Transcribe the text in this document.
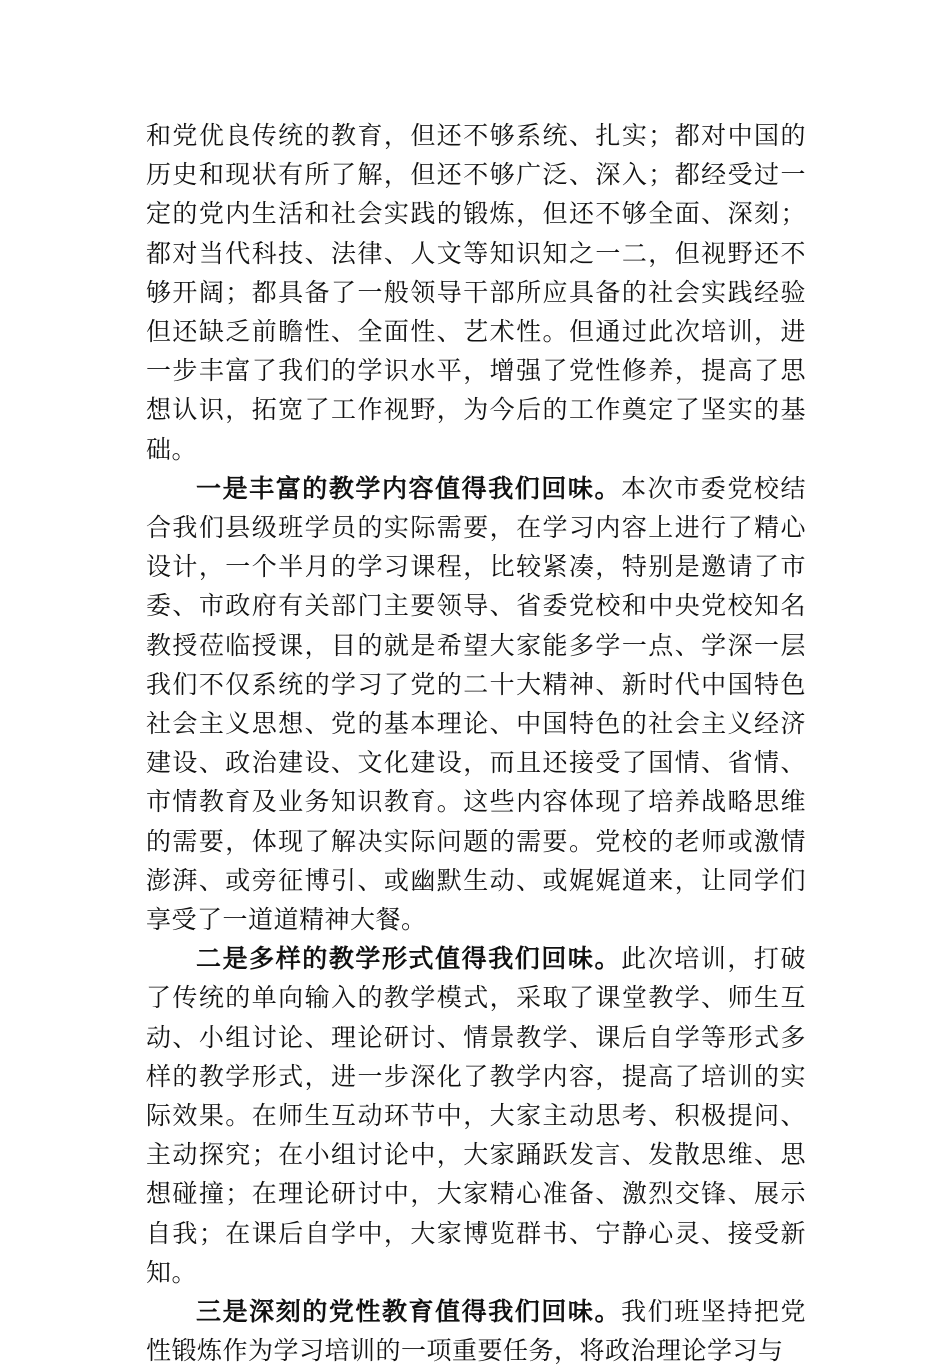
和党优良传统的教育，但还不够系统、扎实；都对中国的历史和现状有所了解，但还不够广泛、深入；都经受过一定的党内生活和社会实践的锻炼，但还不够全面、深刻；都对当代科技、法律、人文等知识知之一二，但视野还不够开阔；都具备了一般领导干部所应具备的社会实践经验但还缺乏前瞻性、全面性、艺术性。但通过此次培训，进一步丰富了我们的学识水平，增强了党性修养，提高了思想认识，拓宽了工作视野，为今后的工作奠定了坚实的基础。

一是丰富的教学内容值得我们回味。本次市委党校结合我们县级班学员的实际需要，在学习内容上进行了精心设计，一个半月的学习课程，比较紧凑，特别是邀请了市委、市政府有关部门主要领导、省委党校和中央党校知名教授莅临授课，目的就是希望大家能多学一点、学深一层我们不仅系统的学习了党的二十大精神、新时代中国特色社会主义思想、党的基本理论、中国特色的社会主义经济建设、政治建设、文化建设，而且还接受了国情、省情、市情教育及业务知识教育。这些内容体现了培养战略思维的需要，体现了解决实际问题的需要。党校的老师或激情澎湃、或旁征博引、或幽默生动、或娓娓道来，让同学们享受了一道道精神大餐。

二是多样的教学形式值得我们回味。此次培训，打破了传统的单向输入的教学模式，采取了课堂教学、师生互动、小组讨论、理论研讨、情景教学、课后自学等形式多样的教学形式，进一步深化了教学内容，提高了培训的实际效果。在师生互动环节中，大家主动思考、积极提问、主动探究；在小组讨论中，大家踊跃发言、发散思维、思想碰撞；在理论研讨中，大家精心准备、激烈交锋、展示自我；在课后自学中，大家博览群书、宁静心灵、接受新知。

三是深刻的党性教育值得我们回味。我们班坚持把党性锻炼作为学习培训的一项重要任务，将政治理论学习与
